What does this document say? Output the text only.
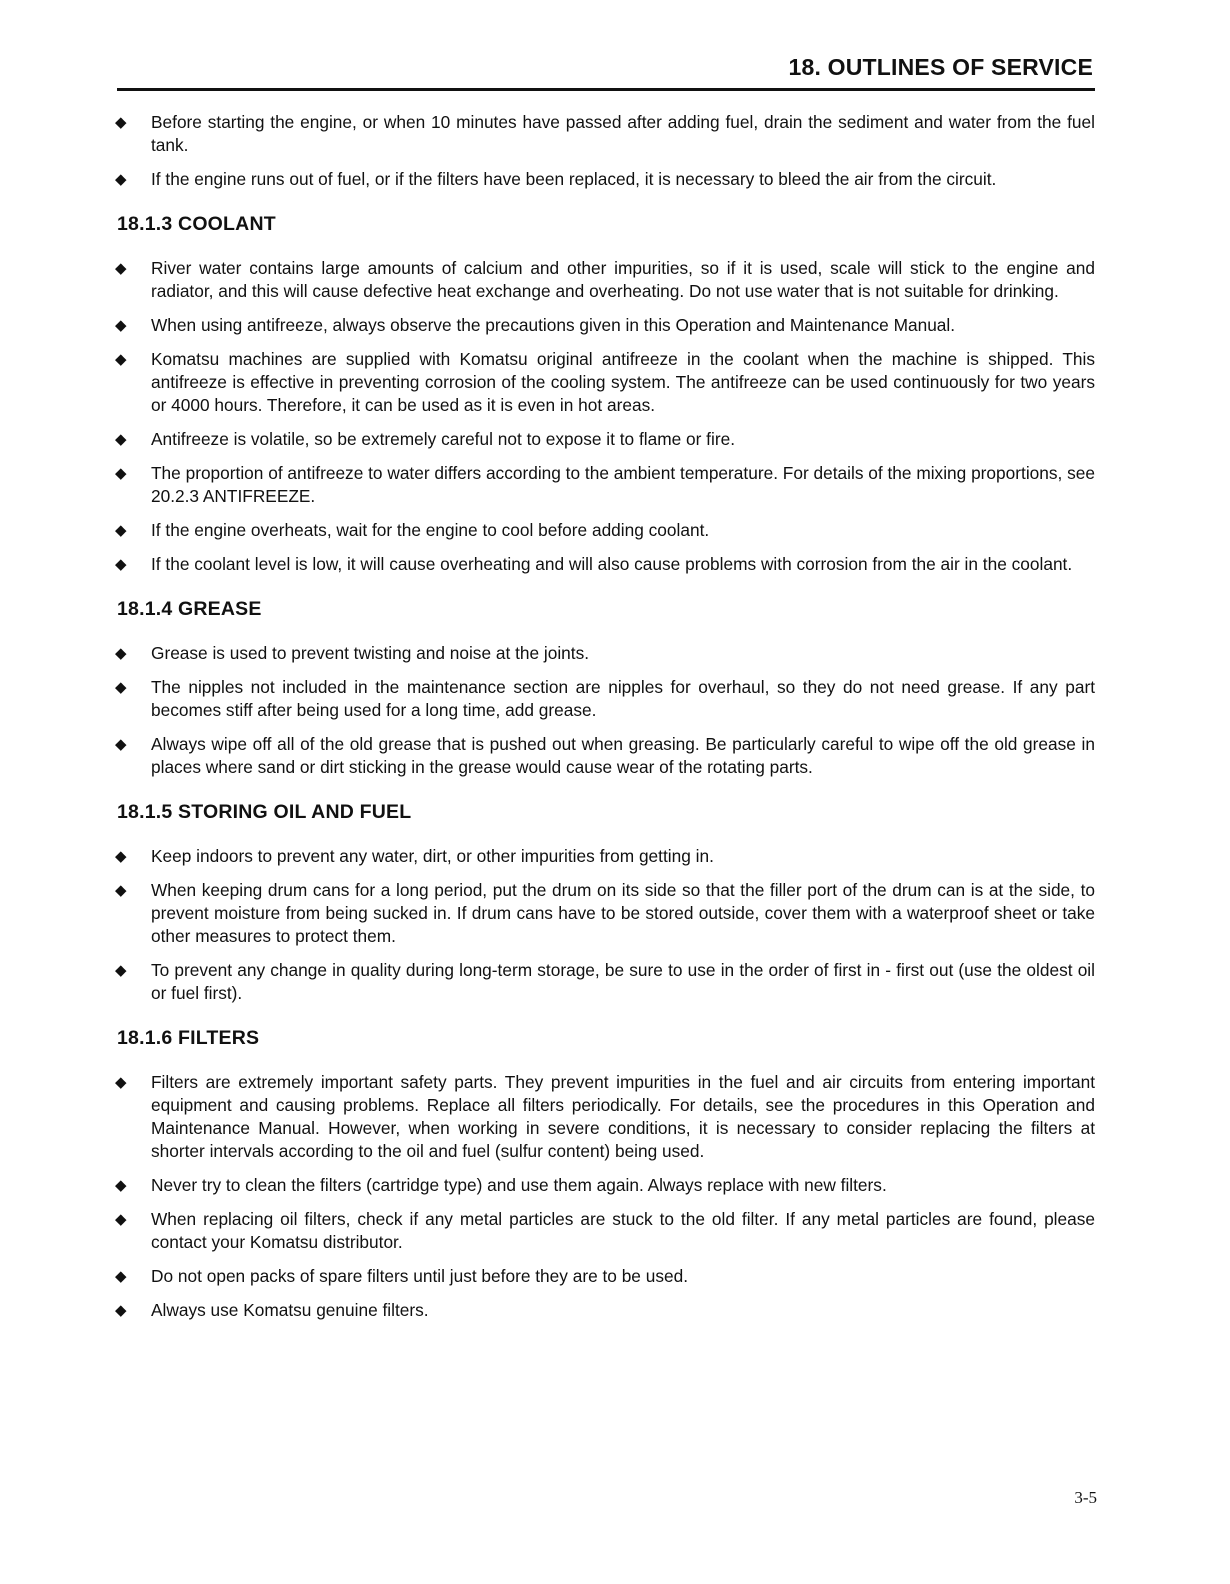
18. OUTLINES OF SERVICE
◆ Before starting the engine, or when 10 minutes have passed after adding fuel, drain the sediment and water from the fuel tank.
◆ If the engine runs out of fuel, or if the filters have been replaced, it is necessary to bleed the air from the circuit.
18.1.3 COOLANT
◆ River water contains large amounts of calcium and other impurities, so if it is used, scale will stick to the engine and radiator, and this will cause defective heat exchange and overheating. Do not use water that is not suitable for drinking.
◆ When using antifreeze, always observe the precautions given in this Operation and Maintenance Manual.
◆ Komatsu machines are supplied with Komatsu original antifreeze in the coolant when the machine is shipped. This antifreeze is effective in preventing corrosion of the cooling system. The antifreeze can be used continuously for two years or 4000 hours. Therefore, it can be used as it is even in hot areas.
◆ Antifreeze is volatile, so be extremely careful not to expose it to flame or fire.
◆ The proportion of antifreeze to water differs according to the ambient temperature. For details of the mixing proportions, see 20.2.3 ANTIFREEZE.
◆ If the engine overheats, wait for the engine to cool before adding coolant.
◆ If the coolant level is low, it will cause overheating and will also cause problems with corrosion from the air in the coolant.
18.1.4 GREASE
◆ Grease is used to prevent twisting and noise at the joints.
◆ The nipples not included in the maintenance section are nipples for overhaul, so they do not need grease. If any part becomes stiff after being used for a long time, add grease.
◆ Always wipe off all of the old grease that is pushed out when greasing. Be particularly careful to wipe off the old grease in places where sand or dirt sticking in the grease would cause wear of the rotating parts.
18.1.5 STORING OIL AND FUEL
◆ Keep indoors to prevent any water, dirt, or other impurities from getting in.
◆ When keeping drum cans for a long period, put the drum on its side so that the filler port of the drum can is at the side, to prevent moisture from being sucked in. If drum cans have to be stored outside, cover them with a waterproof sheet or take other measures to protect them.
◆ To prevent any change in quality during long-term storage, be sure to use in the order of first in - first out (use the oldest oil or fuel first).
18.1.6 FILTERS
◆ Filters are extremely important safety parts. They prevent impurities in the fuel and air circuits from entering important equipment and causing problems. Replace all filters periodically. For details, see the procedures in this Operation and Maintenance Manual. However, when working in severe conditions, it is necessary to consider replacing the filters at shorter intervals according to the oil and fuel (sulfur content) being used.
◆ Never try to clean the filters (cartridge type) and use them again. Always replace with new filters.
◆ When replacing oil filters, check if any metal particles are stuck to the old filter. If any metal particles are found, please contact your Komatsu distributor.
◆ Do not open packs of spare filters until just before they are to be used.
◆ Always use Komatsu genuine filters.
3-5
